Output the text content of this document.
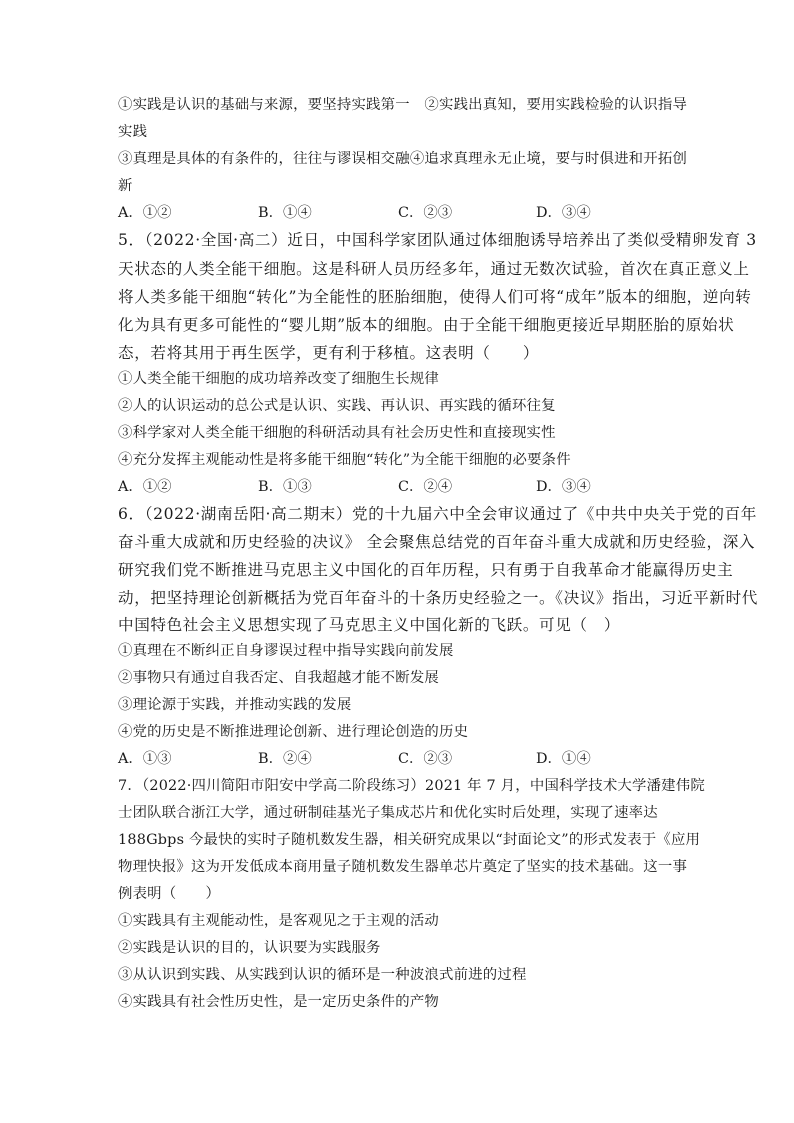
①实践是认识的基础与来源，要坚持实践第一　②实践出真知，要用实践检验的认识指导
实践
③真理是具体的有条件的，往往与谬误相交融④追求真理永无止境，要与时俱进和开拓创
新
A．①②	B．①④	C．②③	D．③④
5．（2022·全国·高二）近日，中国科学家团队通过体细胞诱导培养出了类似受精卵发育 3
天状态的人类全能干细胞。这是科研人员历经多年，通过无数次试验，首次在真正意义上
将人类多能干细胞“转化”为全能性的胚胎细胞，使得人们可将“成年”版本的细胞，逆向转
化为具有更多可能性的“婴儿期”版本的细胞。由于全能干细胞更接近早期胚胎的原始状
态，若将其用于再生医学，更有利于移植。这表明（　　）
①人类全能干细胞的成功培养改变了细胞生长规律
②人的认识运动的总公式是认识、实践、再认识、再实践的循环往复
③科学家对人类全能干细胞的科研活动具有社会历史性和直接现实性
④充分发挥主观能动性是将多能干细胞“转化”为全能干细胞的必要条件
A．①②	B．①③	C．②④	D．③④
6．（2022·湖南岳阳·高二期末）党的十九届六中全会审议通过了《中共中央关于党的百年
奋斗重大成就和历史经验的决议》 全会聚焦总结党的百年奋斗重大成就和历史经验，深入
研究我们党不断推进马克思主义中国化的百年历程，只有勇于自我革命才能赢得历史主
动，把坚持理论创新概括为党百年奋斗的十条历史经验之一。《决议》指出，习近平新时代
中国特色社会主义思想实现了马克思主义中国化新的飞跃。可见（　）
①真理在不断纠正自身谬误过程中指导实践向前发展
②事物只有通过自我否定、自我超越才能不断发展
③理论源于实践，并推动实践的发展
④党的历史是不断推进理论创新、进行理论创造的历史
A．①③	B．②④	C．②③	D．①④
7．（2022·四川简阳市阳安中学高二阶段练习）2021 年 7 月，中国科学技术大学潘建伟院
士团队联合浙江大学，通过研制硅基光子集成芯片和优化实时后处理，实现了速率达
188Gbps 今最快的实时子随机数发生器，相关研究成果以“封面论文”的形式发表于《应用
物理快报》这为开发低成本商用量子随机数发生器单芯片奠定了坚实的技术基础。这一事
例表明（　　）
①实践具有主观能动性，是客观见之于主观的活动
②实践是认识的目的，认识要为实践服务
③从认识到实践、从实践到认识的循环是一种波浪式前进的过程
④实践具有社会性历史性，是一定历史条件的产物
